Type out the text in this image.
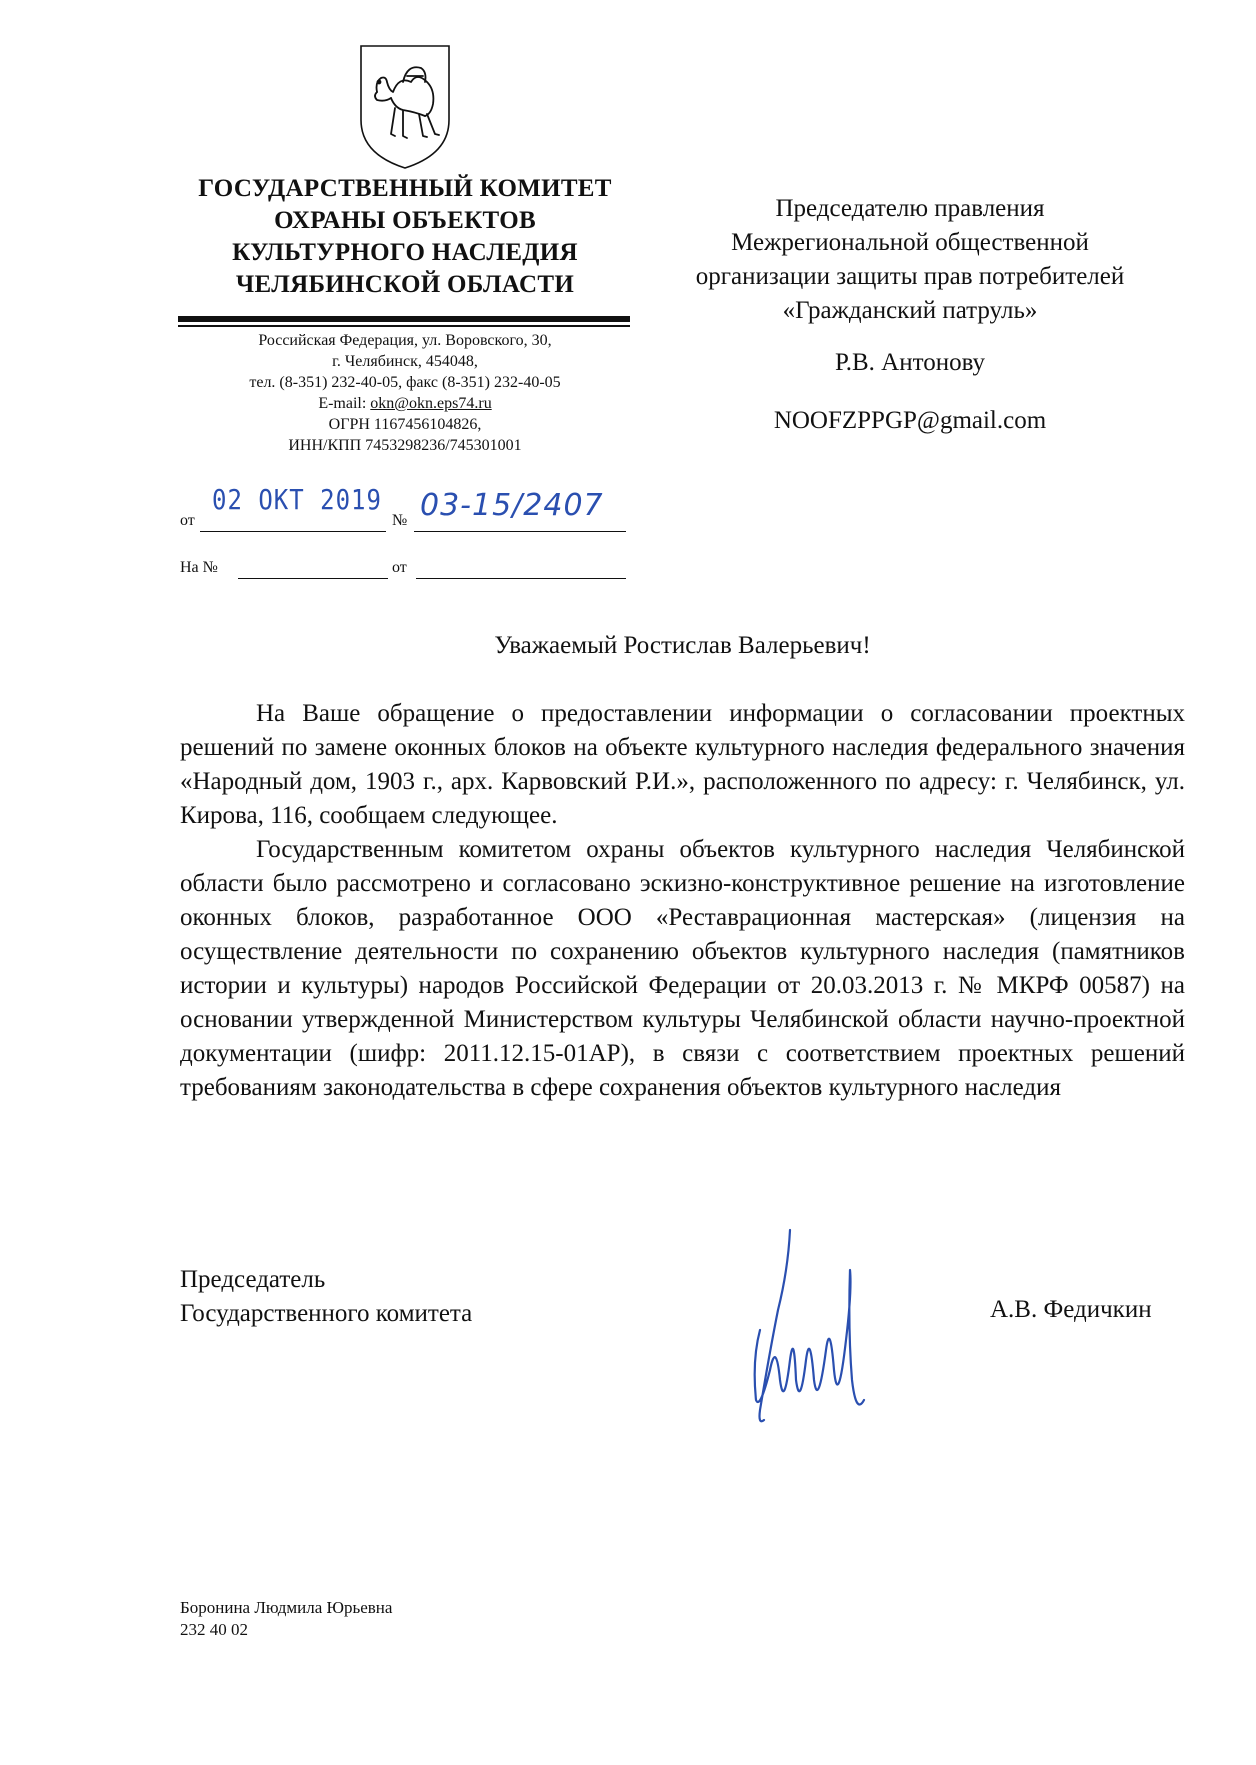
ГОСУДАРСТВЕННЫЙ КОМИТЕТ ОХРАНЫ ОБЪЕКТОВ КУЛЬТУРНОГО НАСЛЕДИЯ ЧЕЛЯБИНСКОЙ ОБЛАСТИ
Российская Федерация, ул. Воровского, 30,
г. Челябинск, 454048,
тел. (8-351) 232-40-05, факс (8-351) 232-40-05
E-mail: okn@okn.eps74.ru
ОГРН 1167456104826,
ИНН/КПП 7453298236/745301001
от
02 ОКТ 2019
№ 03-15/2407
На №	от
Председателю правления
Межрегиональной общественной
организации защиты прав потребителей
«Гражданский патруль»
Р.В. Антонову
NOOFZPPGP@gmail.com
Уважаемый Ростислав Валерьевич!

На Ваше обращение о предоставлении информации о согласовании проектных решений по замене оконных блоков на объекте культурного наследия федерального значения «Народный дом, 1903 г., арх. Карвовский Р.И.», расположенного по адресу: г. Челябинск, ул. Кирова, 116, сообщаем следующее.

Государственным комитетом охраны объектов культурного наследия Челябинской области было рассмотрено и согласовано эскизно-конструктивное решение на изготовление оконных блоков, разработанное ООО «Реставрационная мастерская» (лицензия на осуществление деятельности по сохранению объектов культурного наследия (памятников истории и культуры) народов Российской Федерации от 20.03.2013 г. № МКРФ 00587) на основании утвержденной Министерством культуры Челябинской области научно-проектной документации (шифр: 2011.12.15-01АР), в связи с соответствием проектных решений требованиям законодательства в сфере сохранения объектов культурного наследия

Председатель
Государственного комитета	А.В. Федичкин
Боронина Людмила Юрьевна
232 40 02
